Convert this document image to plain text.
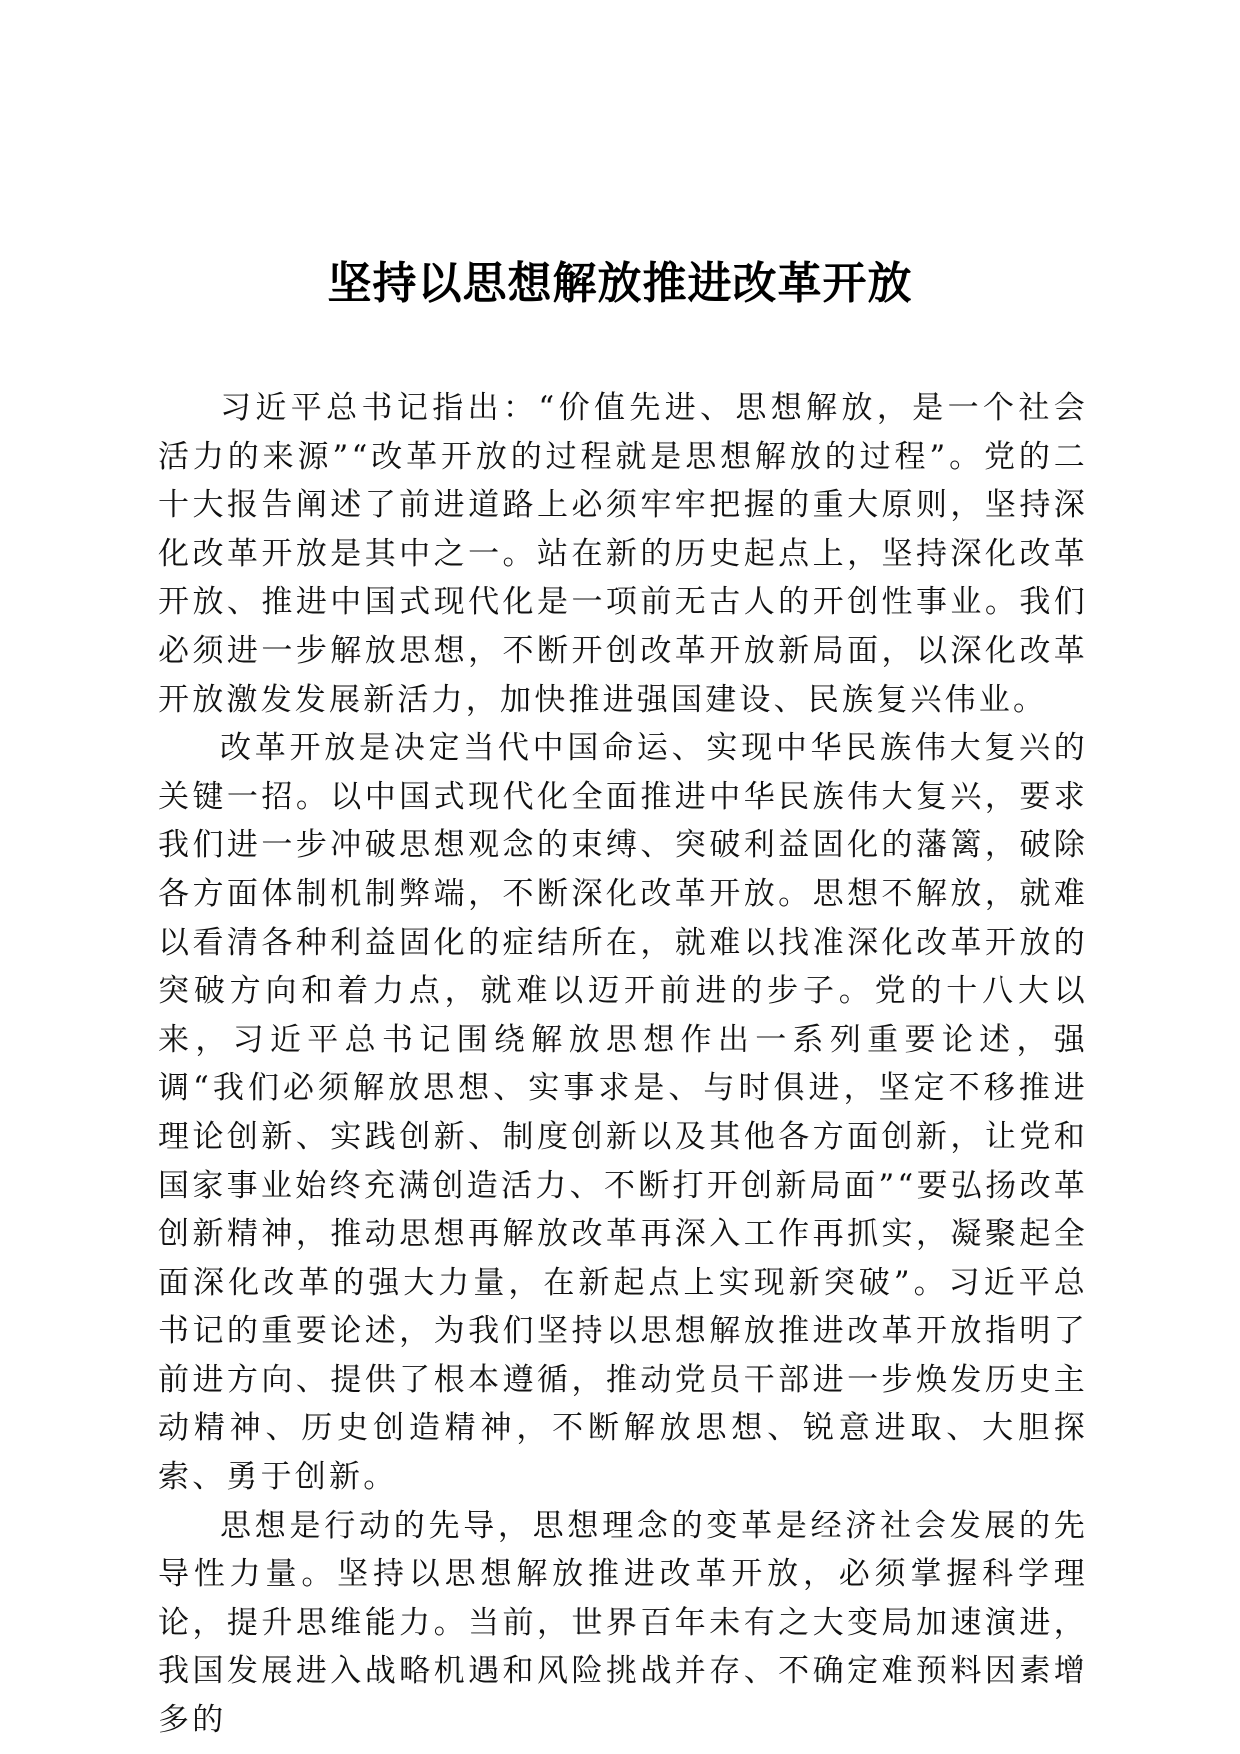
坚持以思想解放推进改革开放

习近平总书记指出：“价值先进、思想解放，是一个社会活力的来源”“改革开放的过程就是思想解放的过程”。党的二十大报告阐述了前进道路上必须牢牢把握的重大原则，坚持深化改革开放是其中之一。站在新的历史起点上，坚持深化改革开放、推进中国式现代化是一项前无古人的开创性事业。我们必须进一步解放思想，不断开创改革开放新局面，以深化改革开放激发发展新活力，加快推进强国建设、民族复兴伟业。

改革开放是决定当代中国命运、实现中华民族伟大复兴的关键一招。以中国式现代化全面推进中华民族伟大复兴，要求我们进一步冲破思想观念的束缚、突破利益固化的藩篱，破除各方面体制机制弊端，不断深化改革开放。思想不解放，就难以看清各种利益固化的症结所在，就难以找准深化改革开放的突破方向和着力点，就难以迈开前进的步子。党的十八大以来，习近平总书记围绕解放思想作出一系列重要论述，强调“我们必须解放思想、实事求是、与时俱进，坚定不移推进理论创新、实践创新、制度创新以及其他各方面创新，让党和国家事业始终充满创造活力、不断打开创新局面”“要弘扬改革创新精神，推动思想再解放改革再深入工作再抓实，凝聚起全面深化改革的强大力量，在新起点上实现新突破”。习近平总书记的重要论述，为我们坚持以思想解放推进改革开放指明了前进方向、提供了根本遵循，推动党员干部进一步焕发历史主动精神、历史创造精神，不断解放思想、锐意进取、大胆探索、勇于创新。

思想是行动的先导，思想理念的变革是经济社会发展的先导性力量。坚持以思想解放推进改革开放，必须掌握科学理论，提升思维能力。当前，世界百年未有之大变局加速演进，我国发展进入战略机遇和风险挑战并存、不确定难预料因素增多的
